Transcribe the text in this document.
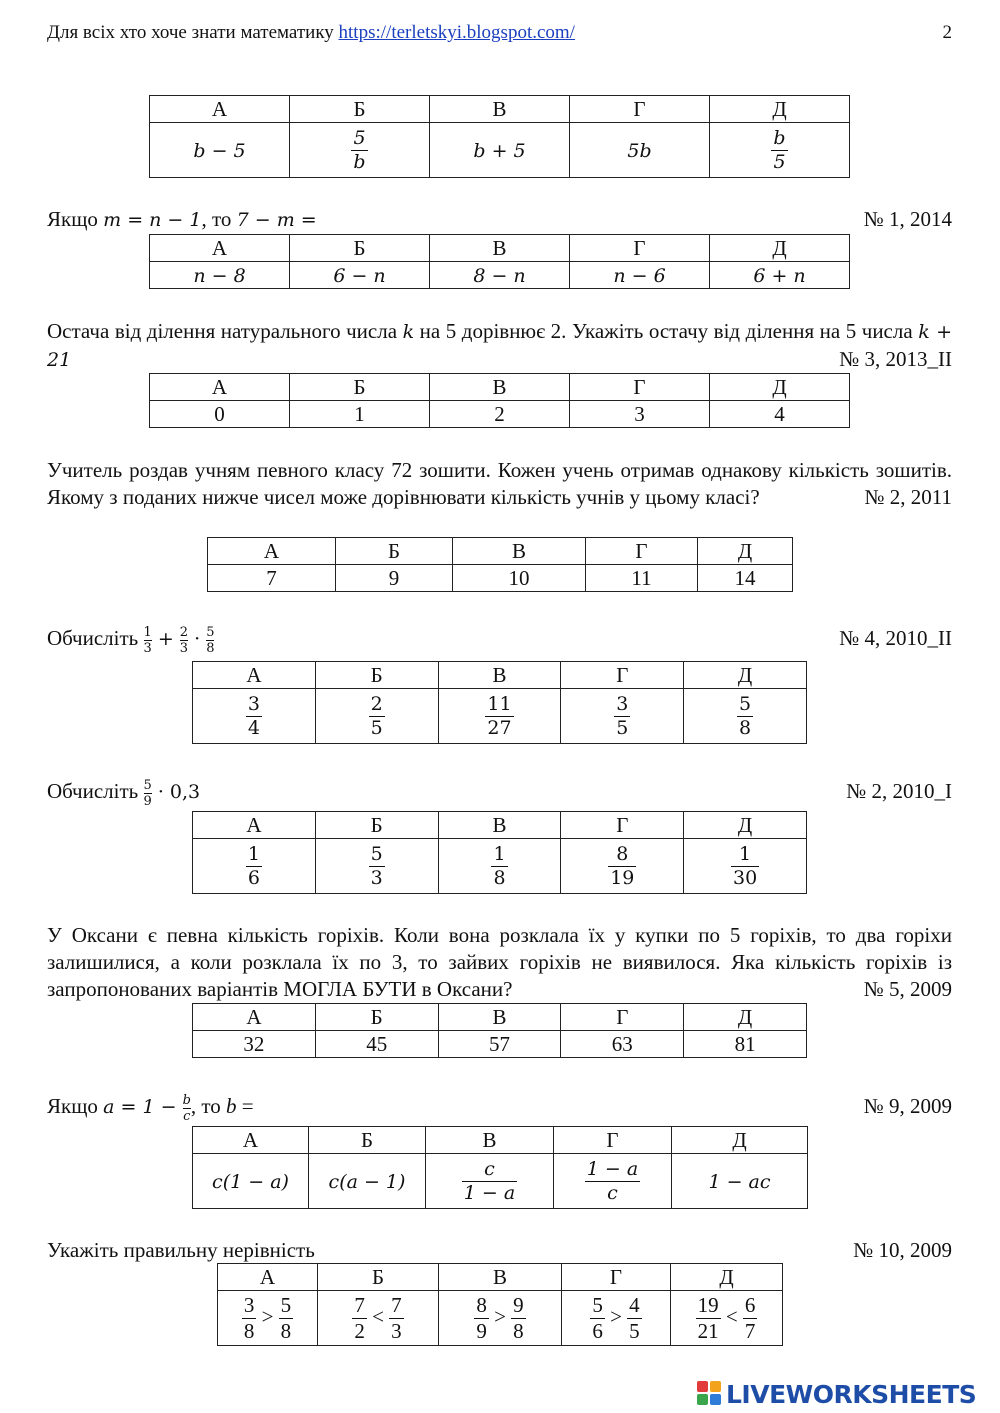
Для всіх хто хоче знати математику https://terletskyi.blogspot.com/	2
А	Б	В	Г	Д
b − 5	$\frac{5}{b}$	b + 5	5b	$\frac{b}{5}$
№ 1, 2014
Якщо m = n − 1, то 7 − m =
А	Б	В	Г	Д
n − 8	6 − n	8 − n	n − 6	6 + n
Остача від ділення натурального числа k на 5 дорівнює 2. Укажіть остачу від ділення на 5 числа k + 21	№ 3, 2013_II
А	Б	В	Г	Д
0	1	2	3	4
Учитель роздав учням певного класу 72 зошити. Кожен учень отримав однакову кількість зошитів. Якому з поданих нижче чисел може дорівнювати кількість учнів у цьому класі?	№ 2, 2011
А	Б	В	Г	Д
7	9	10	11	14
№ 4, 2010_II
Обчисліть $\frac{1}{3} + \frac{2}{3} \cdot \frac{5}{8}$
А	Б	В	Г	Д

$\frac{3}{4}$	$\frac{2}{5}$	$\frac{11}{27}$	$\frac{3}{5}$	$\frac{5}{8}$
№ 2, 2010_I
Обчисліть $\frac{5}{9} \cdot 0,3$
А	Б	В	Г	Д

$\frac{1}{6}$	$\frac{5}{3}$	$\frac{1}{8}$	$\frac{8}{19}$	$\frac{1}{30}$
У Оксани є певна кількість горіхів. Коли вона розклала їх у купки по 5 горіхів, то два горіхи залишилися, а коли розклала їх по 3, то зайвих горіхів не виявилося. Яка кількість горіхів із запропонованих варіантів МОГЛА БУТИ в Оксани?	№ 5, 2009
А	Б	В	Г	Д
32	45	57	63	81
№ 9, 2009
Якщо $a = 1 - \frac{b}{c}$ , то b =
А	Б	В	Г	Д
c(1 − a)	c(a − 1)	$\frac{c}{1 - a}$	$\frac{1 - a}{c}$	1 − ac
№ 10, 2009
Укажіть правильну нерівність
А	Б	В	Г	Д

$\frac{3}{8} > \frac{5}{8}$	$\frac{7}{2} < \frac{7}{3}$	$\frac{8}{9} > \frac{9}{8}$	$\frac{5}{6} > \frac{4}{5}$	$\frac{19}{21} < \frac{6}{7}$
LIVEWORKSHEETS
